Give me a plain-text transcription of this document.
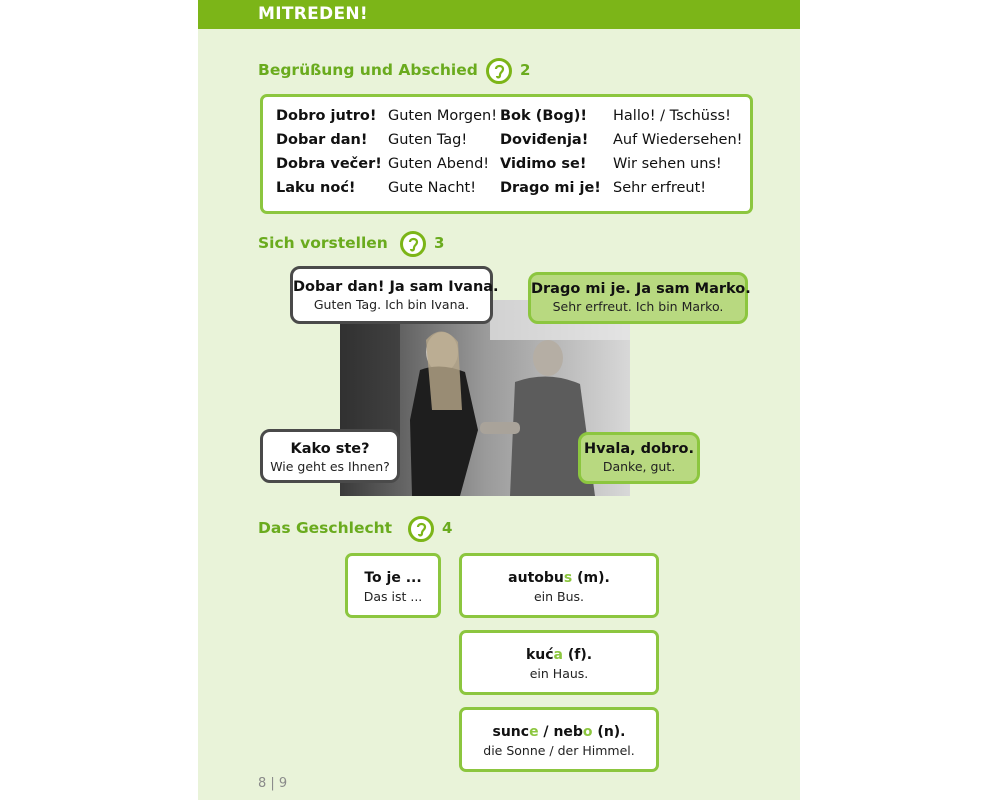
MITREDEN!
Begrüßung und Abschied	2
Dobro jutro! Guten Morgen! Bok (Bog)! Hallo! / Tschüss!
Dobar dan! Guten Tag! Doviđenja! Auf Wiedersehen!
Dobra večer! Guten Abend! Vidimo se! Wir sehen uns!
Laku noć! Gute Nacht! Drago mi je! Sehr erfreut!
Sich vorstellen	3
Dobar dan! Ja sam Ivana.
Guten Tag. Ich bin Ivana.
Drago mi je. Ja sam Marko.
Sehr erfreut. Ich bin Marko.
Kako ste?
Wie geht es Ihnen?
Hvala, dobro.
Danke, gut.
Das Geschlecht	4
To je ...
Das ist ...
autobus (m).
ein Bus.
kuća (f).
ein Haus.
sunce / nebo (n).
die Sonne / der Himmel.
8 | 9
